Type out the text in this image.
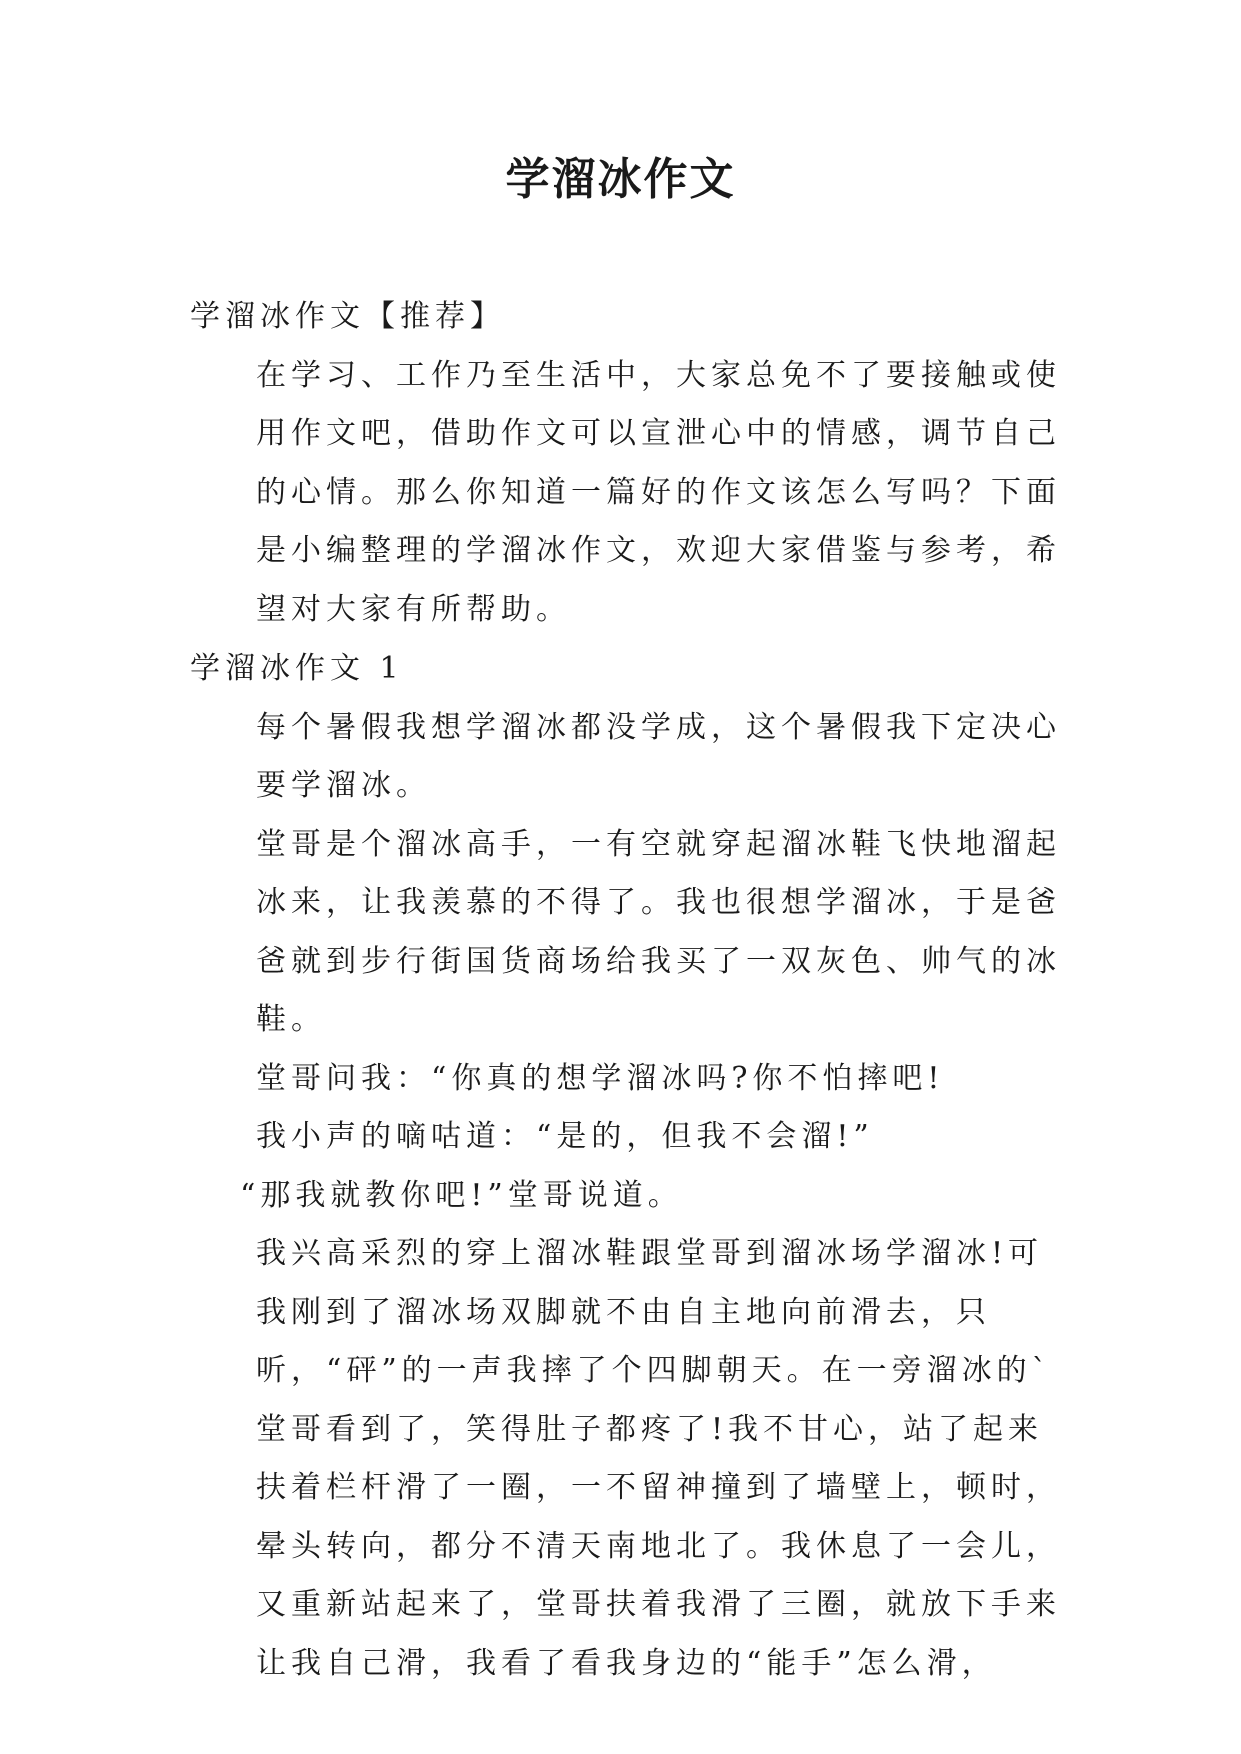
学溜冰作文
学溜冰作文【推荐】
在学习、工作乃至生活中，大家总免不了要接触或使用作文吧，借助作文可以宣泄心中的情感，调节自己的心情。那么你知道一篇好的作文该怎么写吗？下面是小编整理的学溜冰作文，欢迎大家借鉴与参考，希望对大家有所帮助。
学溜冰作文 1
每个暑假我想学溜冰都没学成，这个暑假我下定决心要学溜冰。
堂哥是个溜冰高手，一有空就穿起溜冰鞋飞快地溜起冰来，让我羡慕的不得了。我也很想学溜冰，于是爸爸就到步行街国货商场给我买了一双灰色、帅气的冰鞋。
堂哥问我：“你真的想学溜冰吗?你不怕摔吧!
我小声的嘀咕道：“是的，但我不会溜!”
“那我就教你吧!”堂哥说道。
我兴高采烈的穿上溜冰鞋跟堂哥到溜冰场学溜冰!可我刚到了溜冰场双脚就不由自主地向前滑去，只听，“砰”的一声我摔了个四脚朝天。在一旁溜冰的`堂哥看到了，笑得肚子都疼了!我不甘心，站了起来扶着栏杆滑了一圈，一不留神撞到了墙壁上，顿时，晕头转向，都分不清天南地北了。我休息了一会儿，又重新站起来了，堂哥扶着我滑了三圈，就放下手来让我自己滑，我看了看我身边的“能手”怎么滑，
